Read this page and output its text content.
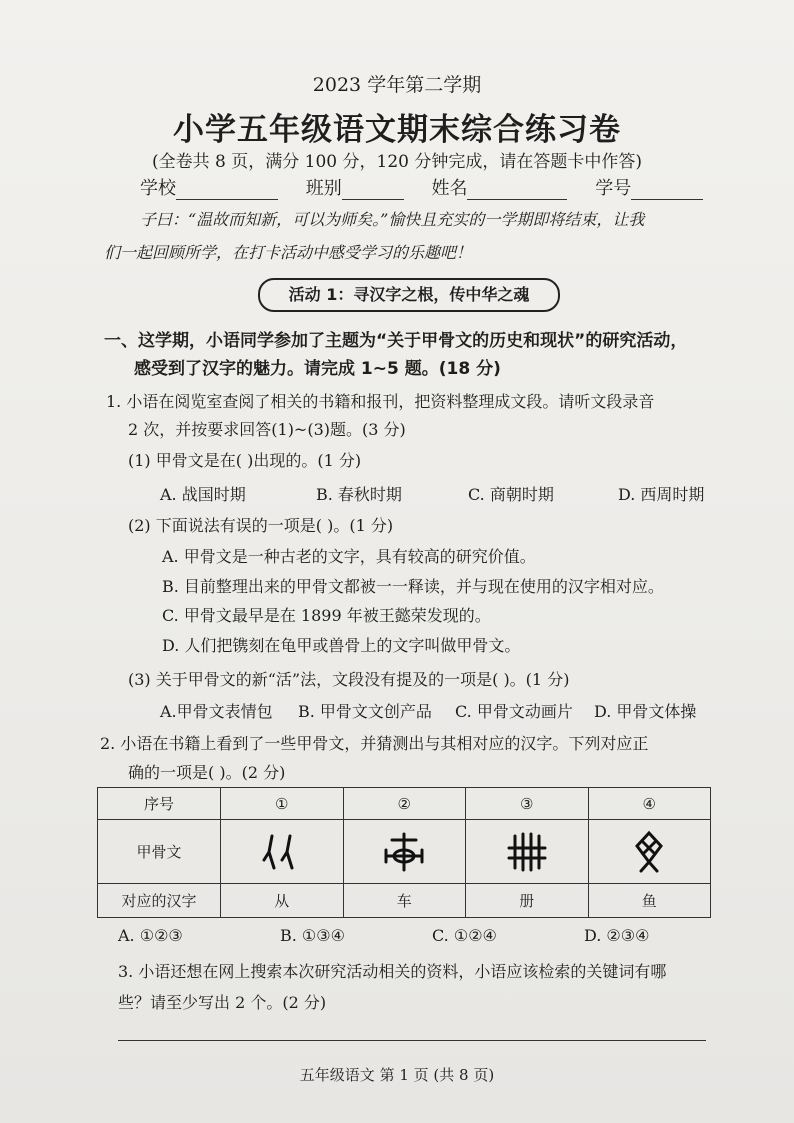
2023 学年第二学期
小学五年级语文期末综合练习卷
(全卷共 8 页，满分 100 分，120 分钟完成，请在答题卡中作答)
学校	班别	姓名	学号
子曰：“温故而知新，可以为师矣。”愉快且充实的一学期即将结束，让我
们一起回顾所学，在打卡活动中感受学习的乐趣吧！
活动 1：寻汉字之根，传中华之魂
一、这学期，小语同学参加了主题为“关于甲骨文的历史和现状”的研究活动，
感受到了汉字的魅力。请完成 1~5 题。(18 分)
1. 小语在阅览室查阅了相关的书籍和报刊，把资料整理成文段。请听文段录音
2 次，并按要求回答(1)~(3)题。(3 分)
(1) 甲骨文是在( )出现的。(1 分)
A. 战国时期	B. 春秋时期	C. 商朝时期	D. 西周时期
(2) 下面说法有误的一项是( )。(1 分)
A. 甲骨文是一种古老的文字，具有较高的研究价值。
B. 目前整理出来的甲骨文都被一一释读，并与现在使用的汉字相对应。
C. 甲骨文最早是在 1899 年被王懿荣发现的。
D. 人们把镌刻在龟甲或兽骨上的文字叫做甲骨文。
(3) 关于甲骨文的新“活”法，文段没有提及的一项是( )。(1 分)
A.甲骨文表情包 B. 甲骨文文创产品 C. 甲骨文动画片 D. 甲骨文体操
2. 小语在书籍上看到了一些甲骨文，并猜测出与其相对应的汉字。下列对应正
确的一项是( )。(2 分)
序号	①	②	③	④
甲骨文	

对应的汉字	从	车	册	鱼
A. ①②③	B. ①③④	C. ①②④	D. ②③④
3. 小语还想在网上搜索本次研究活动相关的资料，小语应该检索的关键词有哪
些？请至少写出 2 个。(2 分)
五年级语文 第 1 页 (共 8 页)
